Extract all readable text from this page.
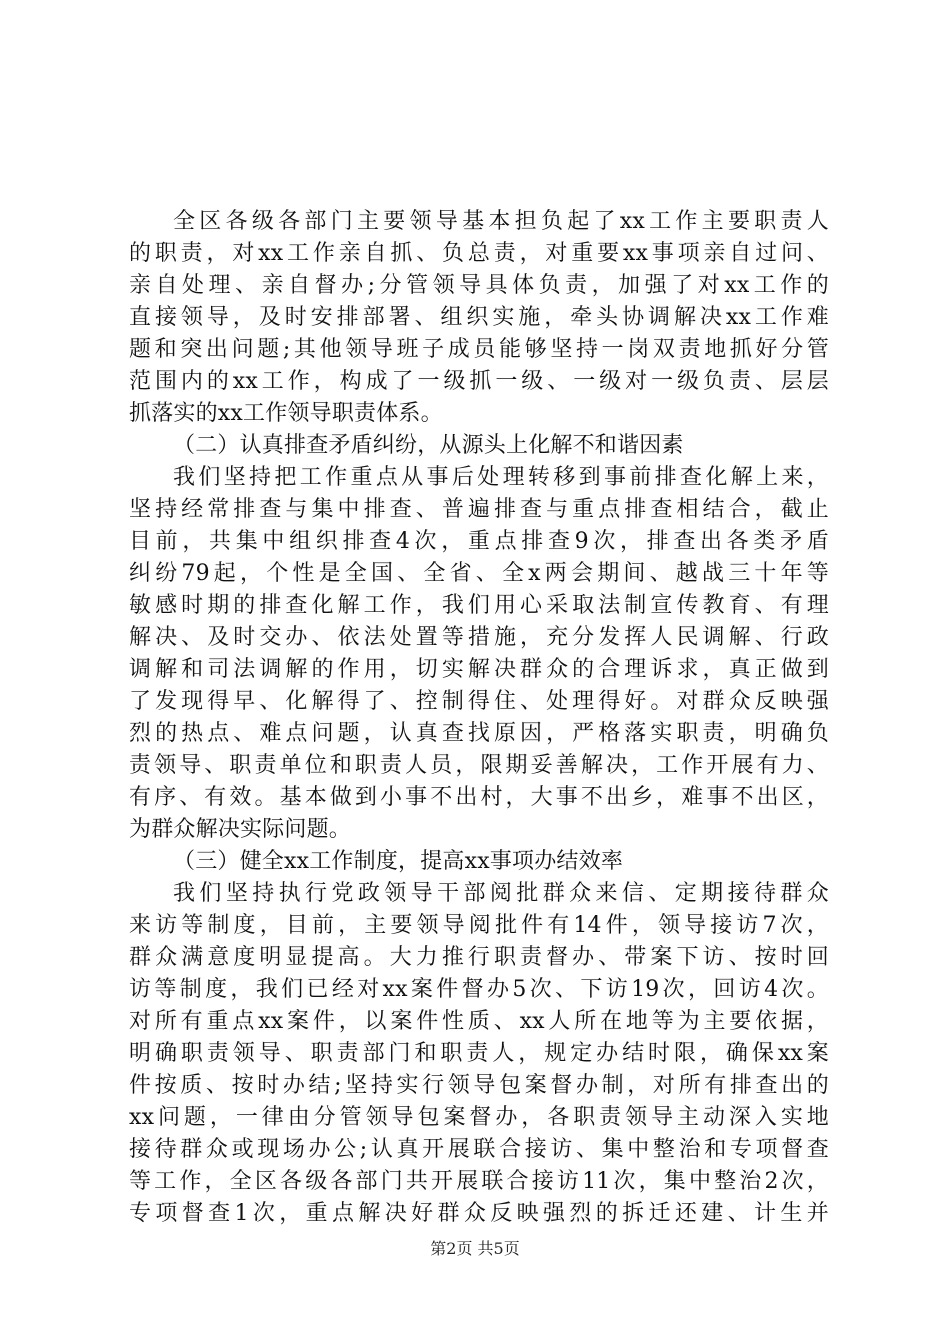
全区各级各部门主要领导基本担负起了xx工作主要职责人
的职责，对xx工作亲自抓、负总责，对重要xx事项亲自过问、
亲自处理、亲自督办;分管领导具体负责，加强了对xx工作的
直接领导，及时安排部署、组织实施，牵头协调解决xx工作难
题和突出问题;其他领导班子成员能够坚持一岗双责地抓好分管
范围内的xx工作，构成了一级抓一级、一级对一级负责、层层
抓落实的xx工作领导职责体系。
（二）认真排查矛盾纠纷，从源头上化解不和谐因素
我们坚持把工作重点从事后处理转移到事前排查化解上来，
坚持经常排查与集中排查、普遍排查与重点排查相结合，截止
目前，共集中组织排查4次，重点排查9次，排查出各类矛盾
纠纷79起，个性是全国、全省、全x两会期间、越战三十年等
敏感时期的排查化解工作，我们用心采取法制宣传教育、有理
解决、及时交办、依法处置等措施，充分发挥人民调解、行政
调解和司法调解的作用，切实解决群众的合理诉求，真正做到
了发现得早、化解得了、控制得住、处理得好。对群众反映强
烈的热点、难点问题，认真查找原因，严格落实职责，明确负
责领导、职责单位和职责人员，限期妥善解决，工作开展有力、
有序、有效。基本做到小事不出村，大事不出乡，难事不出区，
为群众解决实际问题。
（三）健全xx工作制度，提高xx事项办结效率
我们坚持执行党政领导干部阅批群众来信、定期接待群众
来访等制度，目前，主要领导阅批件有14件，领导接访7次，
群众满意度明显提高。大力推行职责督办、带案下访、按时回
访等制度，我们已经对xx案件督办5次、下访19次，回访4次。
对所有重点xx案件，以案件性质、xx人所在地等为主要依据，
明确职责领导、职责部门和职责人，规定办结时限，确保xx案
件按质、按时办结;坚持实行领导包案督办制，对所有排查出的
xx问题，一律由分管领导包案督办，各职责领导主动深入实地
接待群众或现场办公;认真开展联合接访、集中整治和专项督查
等工作，全区各级各部门共开展联合接访11次，集中整治2次，
专项督查1次，重点解决好群众反映强烈的拆迁还建、计生并
第2页 共5页
